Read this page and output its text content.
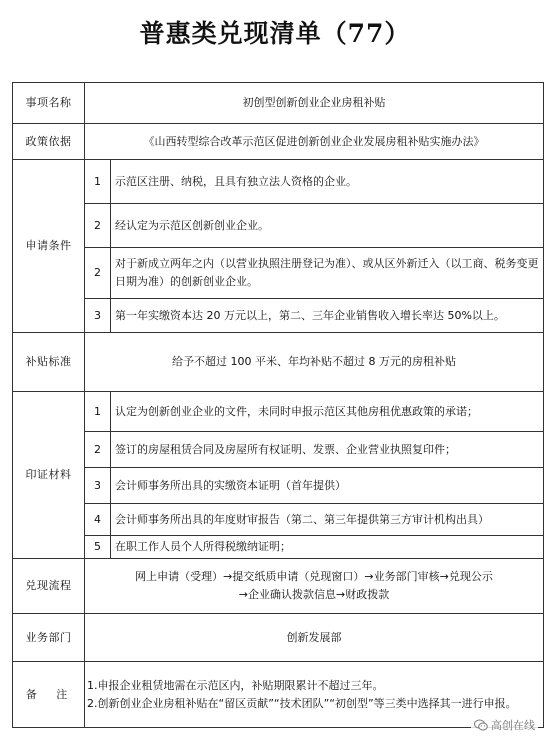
普惠类兑现清单（77）
事项名称	初创型创新创业企业房租补贴	
政策依据	《山西转型综合改革示范区促进创新创业企业发展房租补贴实施办法》	
申请条件	1	示范区注册、纳税，且具有独立法人资格的企业。
	2	经认定为示范区创新创业企业。
	2	对于新成立两年之内（以营业执照注册登记为准）、或从区外新迁入（以工商、税务变更日期为准）的创新创业企业。
	3	第一年实缴资本达 20 万元以上，第二、三年企业销售收入增长率达 50%以上。
补贴标准	给予不超过 100 平米、年均补贴不超过 8 万元的房租补贴	
印证材料	1	认定为创新创业企业的文件，未同时申报示范区其他房租优惠政策的承诺；
	2	签订的房屋租赁合同及房屋所有权证明、发票、企业营业执照复印件；
	3	会计师事务所出具的实缴资本证明（首年提供）
	4	会计师事务所出具的年度财审报告（第二、第三年提供第三方审计机构出具）
	5	在职工作人员个人所得税缴纳证明；
兑现流程	网上申请（受理）→提交纸质申请（兑现窗口）→业务部门审核→兑现公示
→企业确认拨款信息→财政拨款	

业务部门	创新发展部	
备 注	1.申报企业租赁地需在示范区内，补贴期限累计不超过三年。
2.创新创业企业房租补贴在“留区贡献”“技术团队”“初创型”等三类中选择其一进行申报。	
高创在线
